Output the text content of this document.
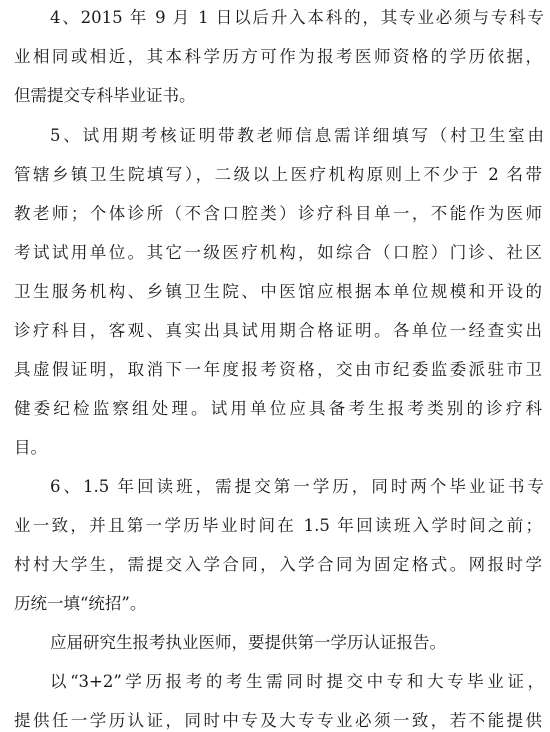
4、2015 年 9 月 1 日以后升入本科的，其专业必须与专科专
业相同或相近，其本科学历方可作为报考医师资格的学历依据，
但需提交专科毕业证书。
5、试用期考核证明带教老师信息需详细填写（村卫生室由
管辖乡镇卫生院填写），二级以上医疗机构原则上不少于 2 名带
教老师；个体诊所（不含口腔类）诊疗科目单一，不能作为医师
考试试用单位。其它一级医疗机构，如综合（口腔）门诊、社区
卫生服务机构、乡镇卫生院、中医馆应根据本单位规模和开设的
诊疗科目，客观、真实出具试用期合格证明。各单位一经查实出
具虚假证明，取消下一年度报考资格，交由市纪委监委派驻市卫
健委纪检监察组处理。试用单位应具备考生报考类别的诊疗科
目。
6、1.5 年回读班，需提交第一学历，同时两个毕业证书专
业一致，并且第一学历毕业时间在 1.5 年回读班入学时间之前；
村村大学生，需提交入学合同，入学合同为固定格式。网报时学
历统一填“统招”。
应届研究生报考执业医师，要提供第一学历认证报告。
以“3+2”学历报考的考生需同时提交中专和大专毕业证，
提供任一学历认证，同时中专及大专专业必须一致，若不能提供
